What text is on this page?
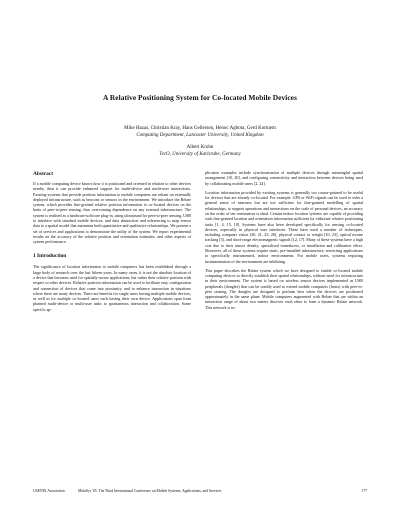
A Relative Positioning System for Co-located Mobile Devices
Mike Hazas, Christian Kray, Hans Gellersen, Henoc Agbota, Gerd Kortuem
Computing Department, Lancaster University, United Kingdom
Albert Krohn
TecO, University of Karlsruhe, Germany
Abstract

If a mobile computing device knows how it is positioned and oriented in relation to other devices nearby, then it can provide enhanced support for multi-device and multi-user interactions. Existing systems that provide position information to mobile computers are reliant on externally deployed infrastructure, such as beacons or sensors in the environment. We introduce the Relate system, which provides fine-grained relative position information to co-located devices on the basis of peer-to-peer sensing, thus overcoming dependence on any external infrastructure. The system is realised as a hardware/software plug-in, using ultrasound for peer-to-peer sensing, USB to interface with standard mobile devices, and data abstraction and inferencing to map sensor data to a spatial model that maintains both quantitative and qualitative relationships. We present a set of services and applications to demonstrate the utility of the system. We report experimental results on the accuracy of the relative position and orientation estimates, and other aspects of system performance.

1 Introduction

The significance of location information to mobile computers has been established through a large body of research over the last fifteen years. In many cases, it is not the absolute location of a device that becomes used for spatially-aware applications, but rather their relative position with respect to other devices. Relative position information can be used to facilitate easy configuration and connection of devices that come into proximity, and to enhance interaction in situations where there are many devices. There are benefits for single users having multiple mobile devices, as well as for multiple co-located users each having their own device. Applications span from planned multi-device or multi-user tasks to spontaneous interaction and collaboration. Some specific ap-

plication examples include synchronisation of multiple devices through meaningful spatial arrangement [10, 20], and configuring connectivity and interaction between devices being used by collaborating mobile users [2, 24].

Location information provided by existing systems is generally too coarse-grained to be useful for devices that are already co-located. For example, GPS or WiFi signals can be used to infer a general sense of nearness but are not sufficient for fine-grained modelling of spatial relationships, to support operations and interactions on the scale of personal devices, an accuracy on the order of ten centimetres is ideal. Certain indoor location systems are capable of providing such fine-grained location and orientation information sufficient for elaborate relative positioning tasks [1, 4, 15, 18]. Systems have also been developed specifically for sensing co-located devices, especially in physical user interfaces. These have used a number of techniques, including computer vision [20, 21, 25, 26], physical contact or weight [10, 23], optical mouse tracking [5], and short-range electromagnetic signals [12, 17]. Many of these systems have a high cost due to their sensor density, specialised transducers, or installation and calibration effort. Moreover, all of these systems require static, pre-installed infrastructure, restricting applications to specifically instrumented, indoor environments. For mobile users, systems requiring instrumentation of the environment are inhibiting.

This paper describes the Relate system which we have designed to enable co-located mobile computing devices to directly establish their spatial relationships, without need for infrastructure in their environment. The system is based on wireless sensor devices implemented as USB peripherals (dongles) that can be readily used to extend mobile computers (hosts) with peer-to-peer sensing. The dongles are designed to perform best when the devices are positioned approximately in the same plane. Mobile computers augmented with Relate that are within an interaction range of about two meters discover each other to form a dynamic Relate network. This network is in-

USENIX Association	MobiSys '05: The Third International Conference on Mobile Systems, Applications, and Services	177
